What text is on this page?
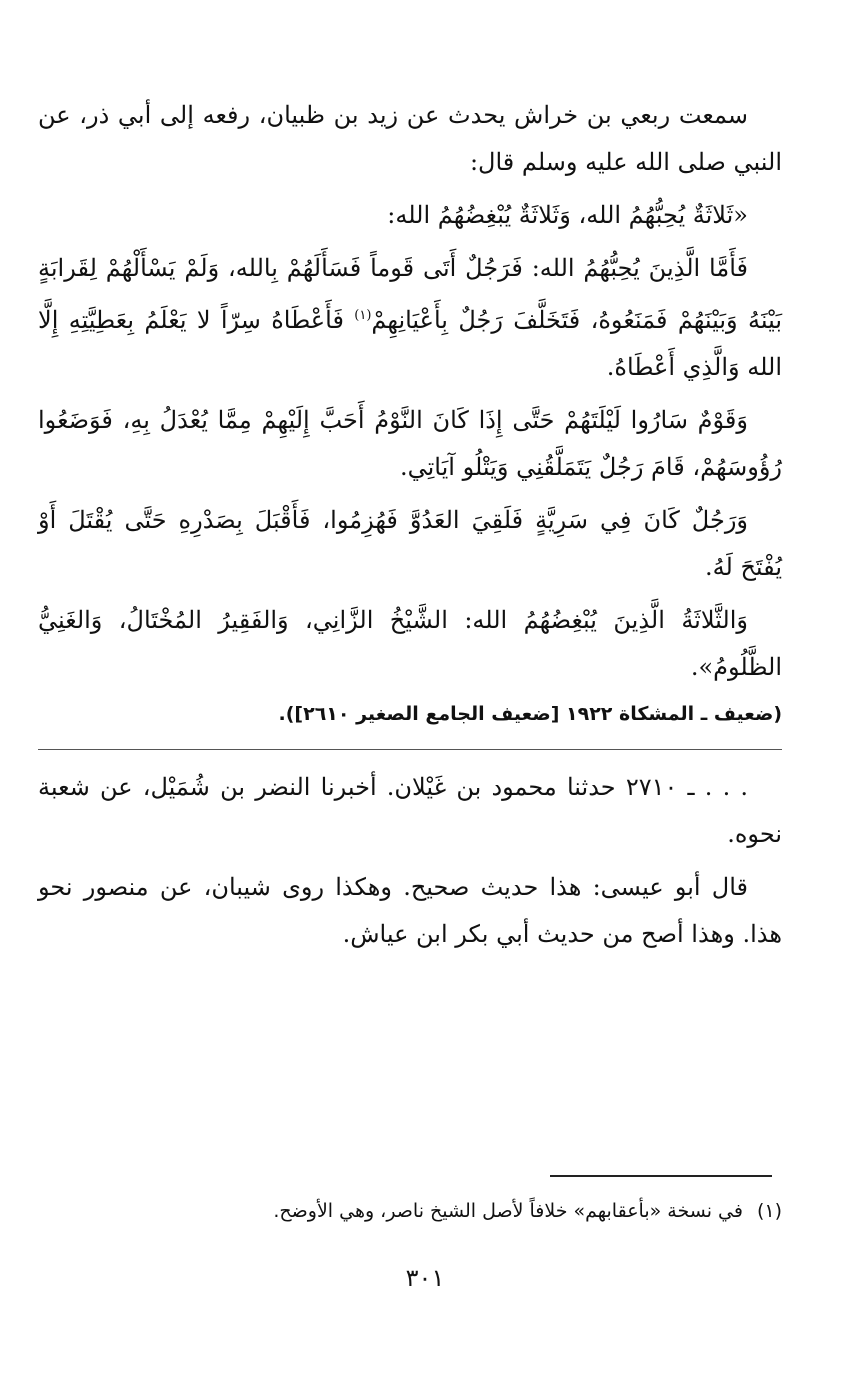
سمعت ربعي بن خراش يحدث عن زيد بن ظبيان، رفعه إلى أبي ذر، عن النبي صلى الله عليه وسلم قال:

«ثَلاثَةٌ يُحِبُّهُمُ الله، وَثَلاثَةٌ يُبْغِضُهُمُ الله:

فَأَمَّا الَّذِينَ يُحِبُّهُمُ الله: فَرَجُلٌ أَتَى قَوماً فَسَأَلَهُمْ بِالله، وَلَمْ يَسْأَلْهُمْ لِقَرابَةٍ بَيْنَهُ وَبَيْنَهُمْ فَمَنَعُوهُ، فَتَخَلَّفَ رَجُلٌ بِأَعْيَانِهِمْ$^{(١)}$ فَأَعْطَاهُ سِرّاً لا يَعْلَمُ بِعَطِيَّتِهِ إِلَّا الله وَالَّذِي أَعْطَاهُ.

وَقَوْمٌ سَارُوا لَيْلَتَهُمْ حَتَّى إِذَا كَانَ النَّوْمُ أَحَبَّ إِلَيْهِمْ مِمَّا يُعْدَلُ بِهِ، فَوَضَعُوا رُؤُوسَهُمْ، قَامَ رَجُلٌ يَتَمَلَّقُنِي وَيَتْلُو آيَاتِي.

وَرَجُلٌ كَانَ فِي سَرِيَّةٍ فَلَقِيَ العَدُوَّ فَهُزِمُوا، فَأَقْبَلَ بِصَدْرِهِ حَتَّى يُقْتَلَ أَوْ يُفْتَحَ لَهُ.

وَالثَّلاثَةُ الَّذِينَ يُبْغِضُهُمُ الله: الشَّيْخُ الزَّانِي، وَالفَقِيرُ المُخْتَالُ، وَالغَنِيُّ الظَّلُومُ».

(ضعيف ـ المشكاة ١٩٢٢ [ضعيف الجامع الصغير ٢٦١٠]).

. . . ـ ٢٧١٠ حدثنا محمود بن غَيْلان. أخبرنا النضر بن شُمَيْل، عن شعبة نحوه.

قال أبو عيسى: هذا حديث صحيح. وهكذا روى شيبان، عن منصور نحو هذا. وهذا أصح من حديث أبي بكر ابن عياش.

(١)في نسخة «بأعقابهم» خلافاً لأصل الشيخ ناصر، وهي الأوضح.
٣٠١
